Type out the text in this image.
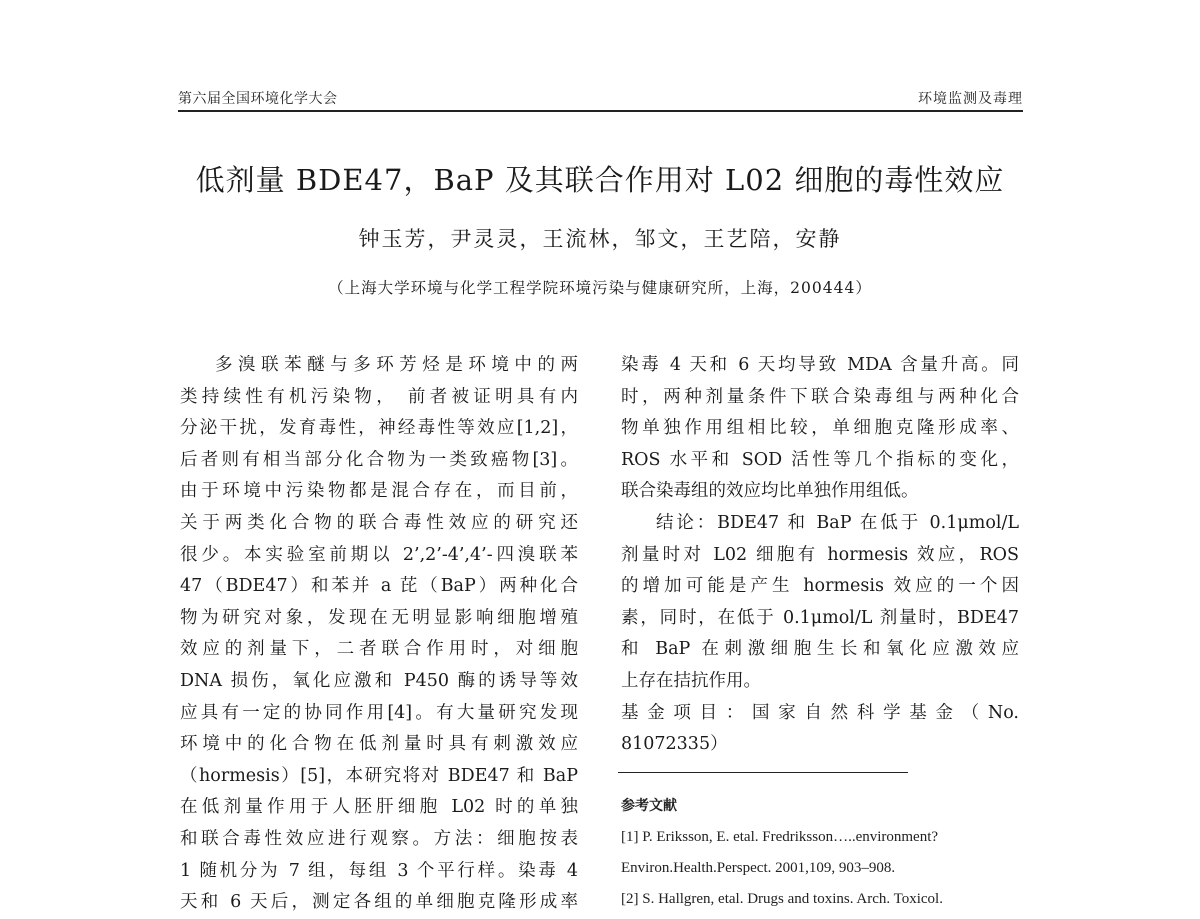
第六届全国环境化学大会	环境监测及毒理
低剂量 BDE47，BaP 及其联合作用对 L02 细胞的毒性效应
钟玉芳，尹灵灵，王流林，邹文，王艺陪，安静
（上海大学环境与化学工程学院环境污染与健康研究所，上海，200444）
多溴联苯醚与多环芳烃是环境中的两
类持续性有机污染物， 前者被证明具有内
分泌干扰，发育毒性，神经毒性等效应[1,2]，
后者则有相当部分化合物为一类致癌物[3]。
由于环境中污染物都是混合存在，而目前，
关于两类化合物的联合毒性效应的研究还
很少。本实验室前期以 2’,2’-4’,4’-四溴联苯
47（BDE47）和苯并 a 芘（BaP）两种化合
物为研究对象，发现在无明显影响细胞增殖
效应的剂量下，二者联合作用时，对细胞
DNA 损伤，氧化应激和 P450 酶的诱导等效
应具有一定的协同作用[4]。有大量研究发现
环境中的化合物在低剂量时具有刺激效应
（hormesis）[5]，本研究将对 BDE47 和 BaP
在低剂量作用于人胚肝细胞 L02 时的单独
和联合毒性效应进行观察。方法：细胞按表
1 随机分为 7 组，每组 3 个平行样。染毒 4
天和 6 天后，测定各组的单细胞克隆形成率
染毒 4 天和 6 天均导致 MDA 含量升高。同
时，两种剂量条件下联合染毒组与两种化合
物单独作用组相比较，单细胞克隆形成率、
ROS 水平和 SOD 活性等几个指标的变化，
联合染毒组的效应均比单独作用组低。
结论：BDE47 和 BaP 在低于 0.1μmol/L
剂量时对 L02 细胞有 hormesis 效应，ROS
的增加可能是产生 hormesis 效应的一个因
素，同时，在低于 0.1μmol/L 剂量时，BDE47
和 BaP 在刺激细胞生长和氧化应激效应
上存在拮抗作用。
基金项目：国家自然科学基金（No.
81072335）
参考文献
[1] P. Eriksson, E. etal. Fredriksson…..environment?
Environ.Health.Perspect. 2001,109, 903–908.
[2] S. Hallgren, etal. Drugs and toxins. Arch. Toxicol.
